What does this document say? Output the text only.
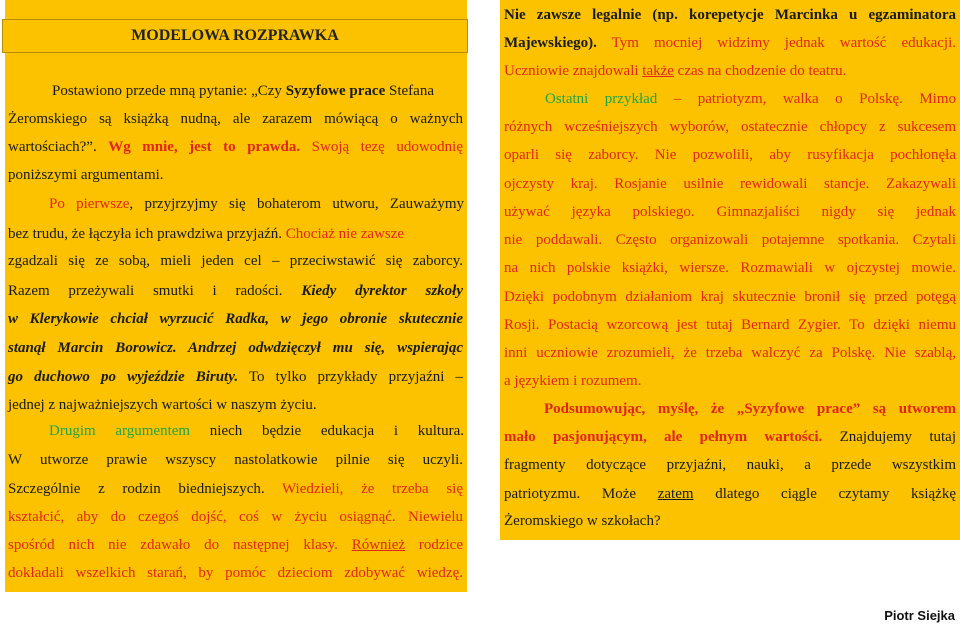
Postawiono przede mną pytanie: „Czy Syzyfowe prace Stefana
Żeromskiego są książką nudną, ale zarazem mówiącą o ważnych
wartościach?”. Wg mnie, jest to prawda. Swoją tezę udowodnię
poniższymi argumentami.
Po pierwsze, przyjrzyjmy się bohaterom utworu, Zauważymy
bez trudu, że łączyła ich prawdziwa przyjaźń. Chociaż nie zawsze
zgadzali się ze sobą, mieli jeden cel – przeciwstawić się zaborcy.
Razem przeżywali smutki i radości. Kiedy dyrektor szkoły
w Klerykowie chciał wyrzucić Radka, w jego obronie skutecznie
stanął Marcin Borowicz. Andrzej odwdzięczył mu się, wspierając
go duchowo po wyjeździe Biruty. To tylko przykłady przyjaźni –
jednej z najważniejszych wartości w naszym życiu.
Drugim argumentem niech będzie edukacja i kultura.
W utworze prawie wszyscy nastolatkowie pilnie się uczyli.
Szczególnie z rodzin biedniejszych. Wiedzieli, że trzeba się
kształcić, aby do czegoś dojść, coś w życiu osiągnąć. Niewielu
spośród nich nie zdawało do następnej klasy. Również rodzice
dokładali wszelkich starań, by pomóc dzieciom zdobywać wiedzę.
MODELOWA ROZPRAWKA
Nie zawsze legalnie (np. korepetycje Marcinka u egzaminatora
Majewskiego). Tym mocniej widzimy jednak wartość edukacji.
Uczniowie znajdowali także czas na chodzenie do teatru.
Ostatni przykład – patriotyzm, walka o Polskę. Mimo
różnych wcześniejszych wyborów, ostatecznie chłopcy z sukcesem
oparli się zaborcy. Nie pozwolili, aby rusyfikacja pochłonęła
ojczysty kraj. Rosjanie usilnie rewidowali stancje. Zakazywali
używać języka polskiego. Gimnazjaliści nigdy się jednak
nie poddawali. Często organizowali potajemne spotkania. Czytali
na nich polskie książki, wiersze. Rozmawiali w ojczystej mowie.
Dzięki podobnym działaniom kraj skutecznie bronił się przed potęgą
Rosji. Postacią wzorcową jest tutaj Bernard Zygier. To dzięki niemu
inni uczniowie zrozumieli, że trzeba walczyć za Polskę. Nie szablą,
a językiem i rozumem.
Podsumowując, myślę, że „Syzyfowe prace” są utworem
mało pasjonującym, ale pełnym wartości. Znajdujemy tutaj
fragmenty dotyczące przyjaźni, nauki, a przede wszystkim
patriotyzmu. Może zatem dlatego ciągle czytamy książkę
Żeromskiego w szkołach?
Piotr Siejka
